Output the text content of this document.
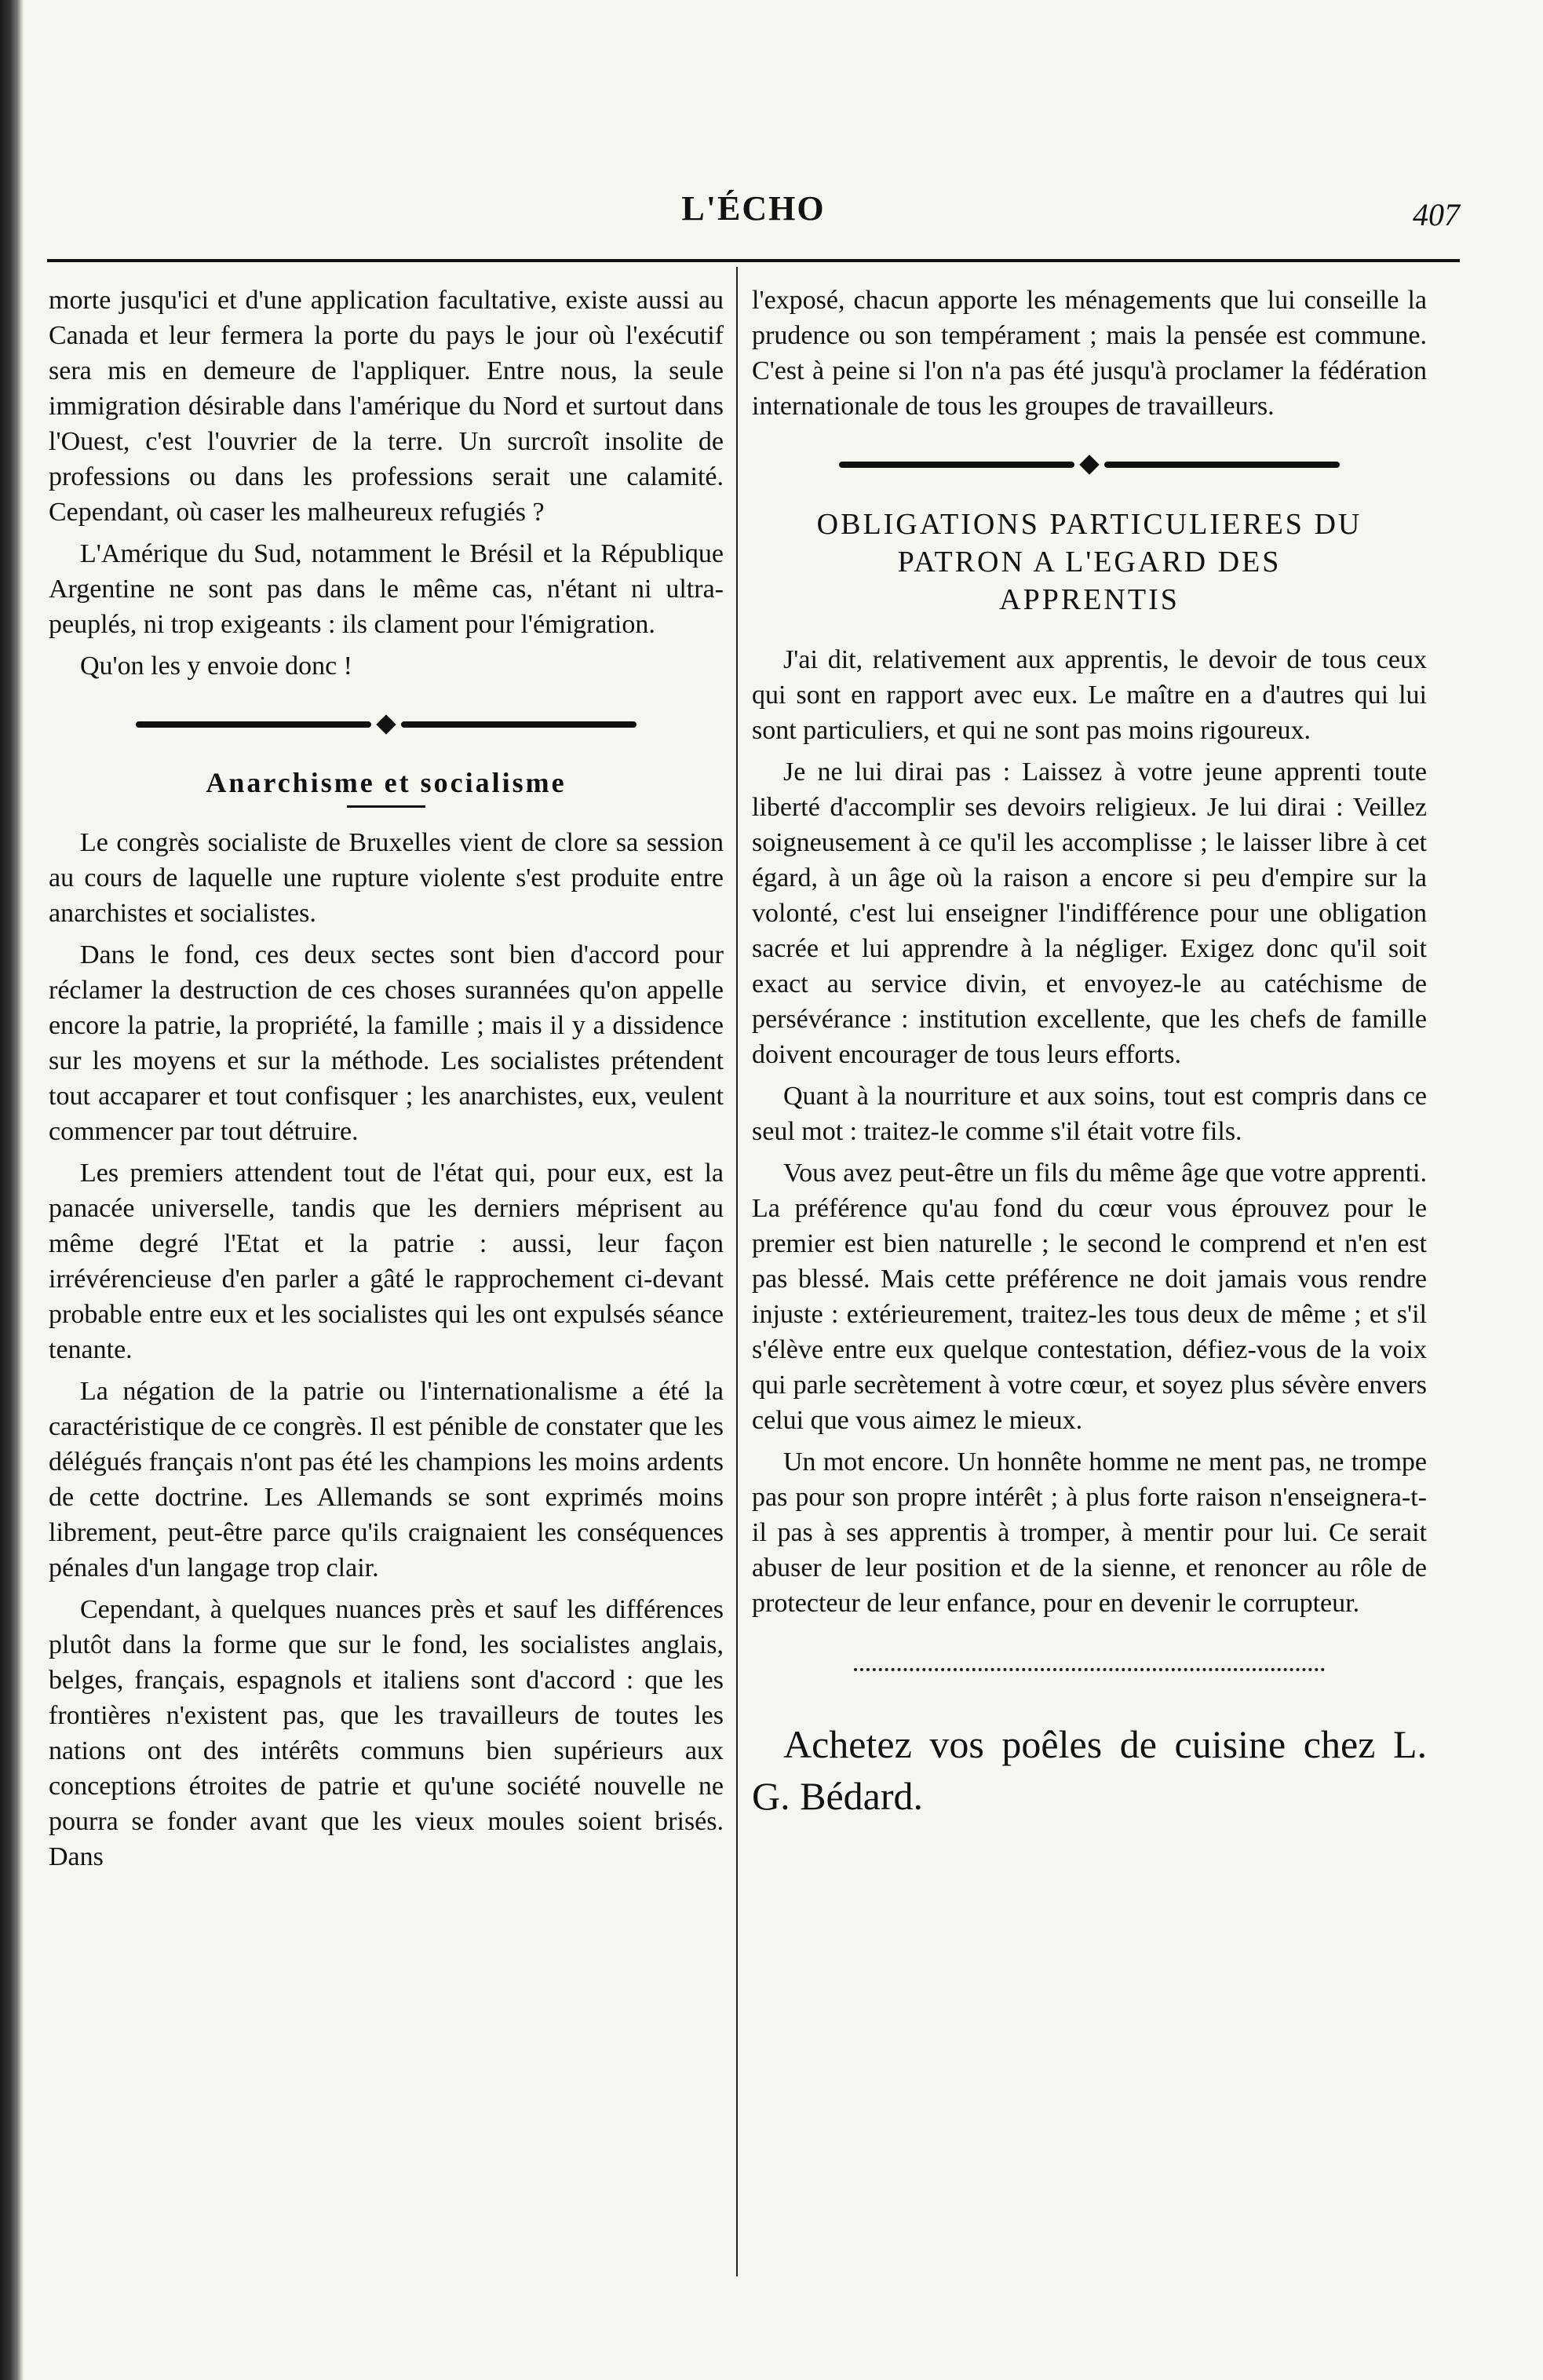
L'ÉCHO	407

morte jusqu'ici et d'une application facultative, existe aussi au Canada et leur fermera la porte du pays le jour où l'exécutif sera mis en demeure de l'appliquer. Entre nous, la seule immigration désirable dans l'amérique du Nord et surtout dans l'Ouest, c'est l'ouvrier de la terre. Un surcroît insolite de professions ou dans les professions serait une calamité. Cependant, où caser les malheureux refugiés ?

L'Amérique du Sud, notamment le Brésil et la République Argentine ne sont pas dans le même cas, n'étant ni ultra-peuplés, ni trop exigeants : ils clament pour l'émigration.

Qu'on les y envoie donc !

Anarchisme et socialisme

Le congrès socialiste de Bruxelles vient de clore sa session au cours de laquelle une rupture violente s'est produite entre anarchistes et socialistes.

Dans le fond, ces deux sectes sont bien d'accord pour réclamer la destruction de ces choses surannées qu'on appelle encore la patrie, la propriété, la famille ; mais il y a dissidence sur les moyens et sur la méthode. Les socialistes prétendent tout accaparer et tout confisquer ; les anarchistes, eux, veulent commencer par tout détruire.

Les premiers attendent tout de l'état qui, pour eux, est la panacée universelle, tandis que les derniers méprisent au même degré l'Etat et la patrie : aussi, leur façon irrévérencieuse d'en parler a gâté le rapprochement ci-devant probable entre eux et les socialistes qui les ont expulsés séance tenante.

La négation de la patrie ou l'internationalisme a été la caractéristique de ce congrès. Il est pénible de constater que les délégués français n'ont pas été les champions les moins ardents de cette doctrine. Les Allemands se sont exprimés moins librement, peut-être parce qu'ils craignaient les conséquences pénales d'un langage trop clair.

Cependant, à quelques nuances près et sauf les différences plutôt dans la forme que sur le fond, les socialistes anglais, belges, français, espagnols et italiens sont d'accord : que les frontières n'existent pas, que les travailleurs de toutes les nations ont des intérêts communs bien supérieurs aux conceptions étroites de patrie et qu'une société nouvelle ne pourra se fonder avant que les vieux moules soient brisés. Dans

l'exposé, chacun apporte les ménagements que lui conseille la prudence ou son tempérament ; mais la pensée est commune. C'est à peine si l'on n'a pas été jusqu'à proclamer la fédération internationale de tous les groupes de travailleurs.

OBLIGATIONS PARTICULIERES DU
PATRON A L'EGARD DES
APPRENTIS

J'ai dit, relativement aux apprentis, le devoir de tous ceux qui sont en rapport avec eux. Le maître en a d'autres qui lui sont particuliers, et qui ne sont pas moins rigoureux.

Je ne lui dirai pas : Laissez à votre jeune apprenti toute liberté d'accomplir ses devoirs religieux. Je lui dirai : Veillez soigneusement à ce qu'il les accomplisse ; le laisser libre à cet égard, à un âge où la raison a encore si peu d'empire sur la volonté, c'est lui enseigner l'indifférence pour une obligation sacrée et lui apprendre à la négliger. Exigez donc qu'il soit exact au service divin, et envoyez-le au catéchisme de persévérance : institution excellente, que les chefs de famille doivent encourager de tous leurs efforts.

Quant à la nourriture et aux soins, tout est compris dans ce seul mot : traitez-le comme s'il était votre fils.

Vous avez peut-être un fils du même âge que votre apprenti. La préférence qu'au fond du cœur vous éprouvez pour le premier est bien naturelle ; le second le comprend et n'en est pas blessé. Mais cette préférence ne doit jamais vous rendre injuste : extérieurement, traitez-les tous deux de même ; et s'il s'élève entre eux quelque contestation, défiez-vous de la voix qui parle secrètement à votre cœur, et soyez plus sévère envers celui que vous aimez le mieux.

Un mot encore. Un honnête homme ne ment pas, ne trompe pas pour son propre intérêt ; à plus forte raison n'enseignera-t-il pas à ses apprentis à tromper, à mentir pour lui. Ce serait abuser de leur position et de la sienne, et renoncer au rôle de protecteur de leur enfance, pour en devenir le corrupteur.

Achetez vos poêles de cuisine chez L. G. Bédard.
